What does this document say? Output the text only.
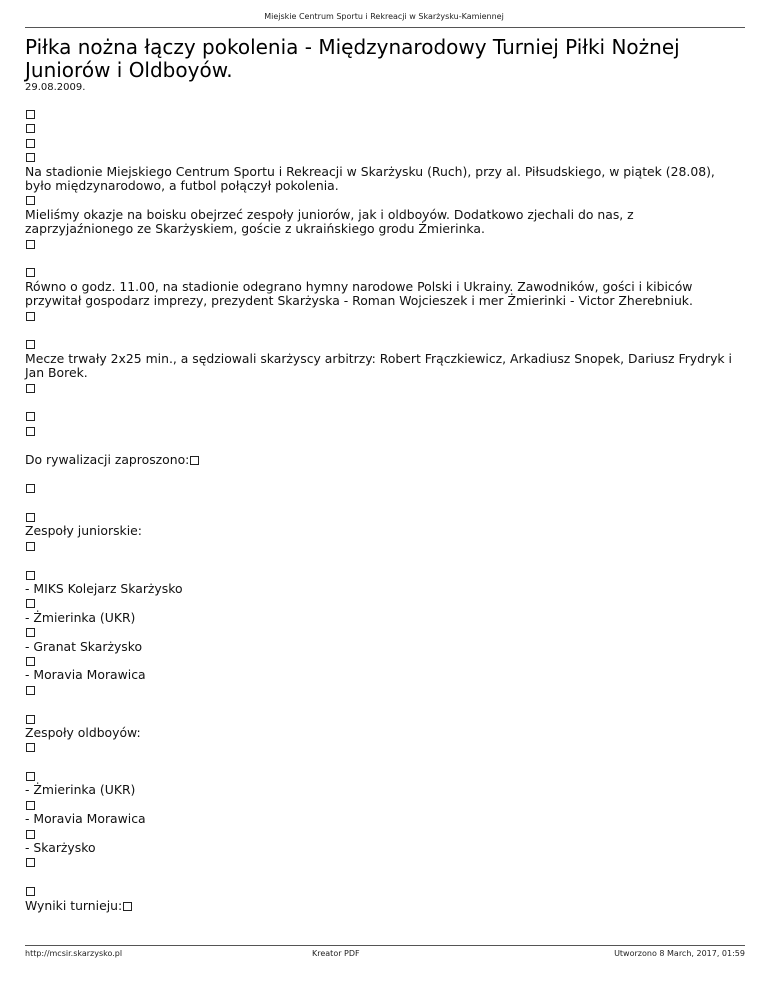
Miejskie Centrum Sportu i Rekreacji w Skarżysku-Kamiennej
Piłka nożna łączy pokolenia - Międzynarodowy Turniej Piłki Nożnej Juniorów i Oldboyów.
29.08.2009.
Na stadionie Miejskiego Centrum Sportu i Rekreacji w Skarżysku (Ruch), przy al. Piłsudskiego, w piątek (28.08), było międzynarodowo, a futbol połączył pokolenia.
Mieliśmy okazje na boisku obejrzeć zespoły juniorów, jak i oldboyów. Dodatkowo zjechali do nas, z zaprzyjaźnionego ze Skarżyskiem, goście z ukraińskiego grodu Żmierinka.
Równo o godz. 11.00, na stadionie odegrano hymny narodowe Polski i Ukrainy. Zawodników, gości i kibiców przywitał gospodarz imprezy, prezydent Skarżyska - Roman Wojcieszek i mer Żmierinki - Victor Zherebniuk.
Mecze trwały 2x25 min., a sędziowali skarżyscy arbitrzy: Robert Frączkiewicz, Arkadiusz Snopek, Dariusz Frydryk i Jan Borek.
Do rywalizacji zaproszono:
Zespoły juniorskie:
- MIKS Kolejarz Skarżysko
- Żmierinka (UKR)
- Granat Skarżysko
- Moravia Morawica
Zespoły oldboyów:
- Żmierinka (UKR)
- Moravia Morawica
- Skarżysko
Wyniki turnieju:
http://mcsir.skarzysko.pl	Kreator PDF	Utworzono 8 March, 2017, 01:59
